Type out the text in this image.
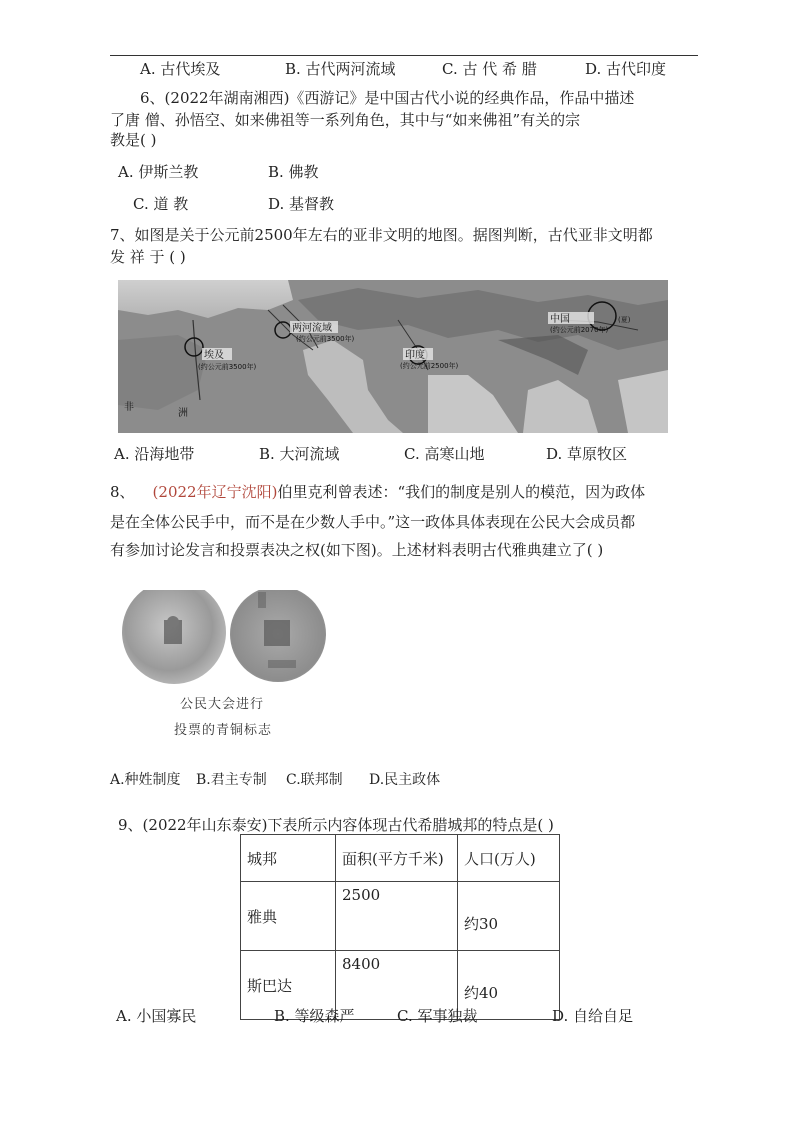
A. 古代埃及	B. 古代两河流域	C. 古 代 希 腊	D. 古代印度
6、(2022年湖南湘西)《西游记》是中国古代小说的经典作品，作品中描述
了唐 僧、孙悟空、如来佛祖等一系列角色，其中与“如来佛祖”有关的宗
教是( )
A. 伊斯兰教	B. 佛教
C. 道 教	D. 基督教
7、如图是关于公元前2500年左右的亚非文明的地图。据图判断，古代亚非文明都
发 祥 于 ( )
埃及
(约公元前3500年)
两河流域
(约公元前3500年)
印度
(约公元前2500年)
中国	(夏)
(约公元前2070年)
非
洲
A. 沿海地带	B. 大河流域	C. 高寒山地	D. 草原牧区
8、 (2022年辽宁沈阳)伯里克利曾表述：“我们的制度是别人的模范，因为政体
是在全体公民手中，而不是在少数人手中。”这一政体具体表现在公民大会成员都
有参加讨论发言和投票表决之权(如下图)。上述材料表明古代雅典建立了( )
公民大会进行
投票的青铜标志
A.种姓制度 B.君主专制 C.联邦制 D.民主政体
9、(2022年山东泰安)下表所示内容体现古代希腊城邦的特点是( )
城邦	面积(平方千米)	人口(万人)
雅典	2500	约30
斯巴达	8400	约40
A. 小国寡民	B. 等级森严	C. 军事独裁	D. 自给自足
